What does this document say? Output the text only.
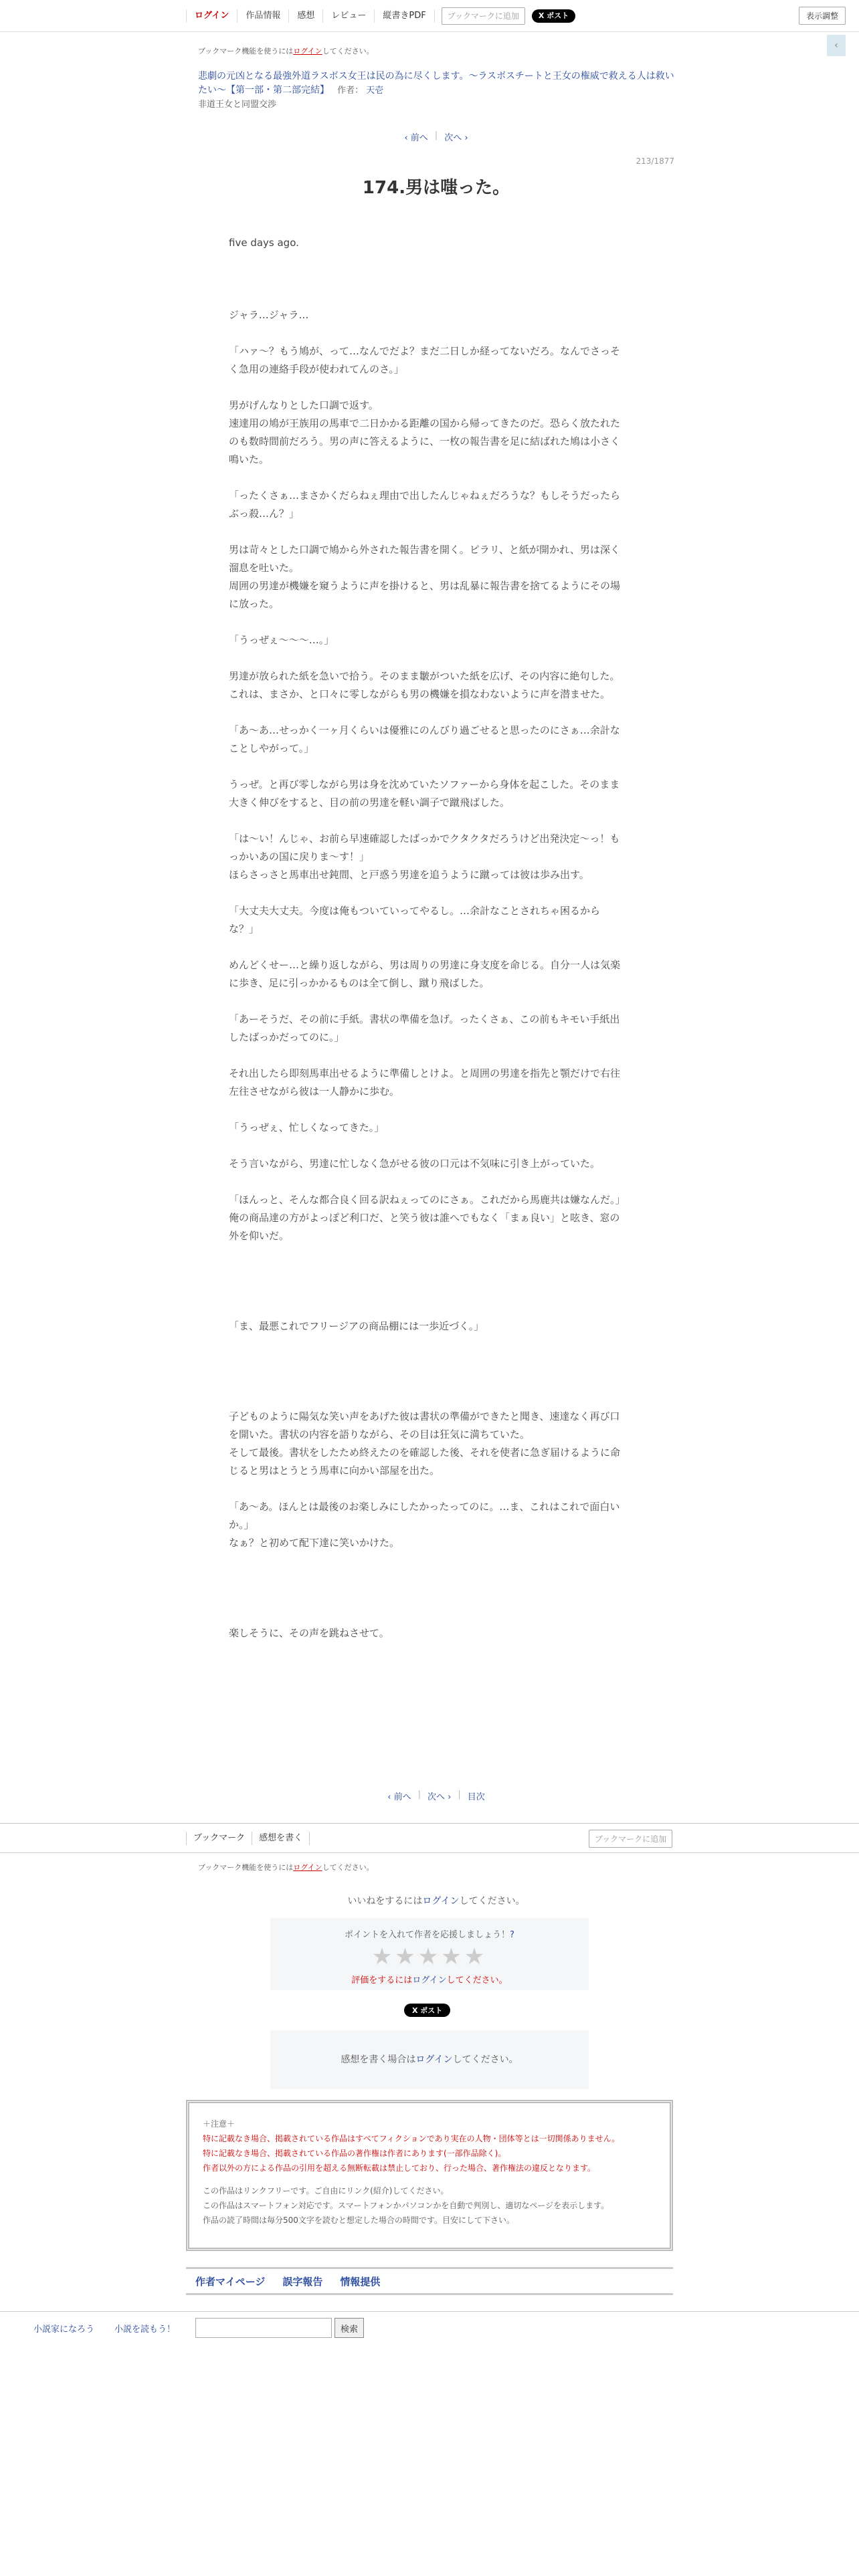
ログイン	作品情報	感想	レビュー	縦書きPDF	ブックマークに追加	X ポスト	表示調整
‹
ブックマーク機能を使うにはログインしてください。
悲劇の元凶となる最強外道ラスボス女王は民の為に尽くします。〜ラスボスチートと王女の権威で救える人は救いたい〜【第一部・第二部完結】 作者： 天壱
非道王女と同盟交渉
‹ 前へ | 次へ ›
213/1877
174.男は嗤った。

five days ago.

ジャラ…ジャラ…

「ハァ〜？もう鳩が、って…なんでだよ？まだ二日しか経ってないだろ。なんでさっそく急用の連絡手段が使われてんのさ。」

男がげんなりとした口調で返す。

速達用の鳩が王族用の馬車で二日かかる距離の国から帰ってきたのだ。恐らく放たれたのも数時間前だろう。男の声に答えるように、一枚の報告書を足に結ばれた鳩は小さく鳴いた。

「ったくさぁ…まさかくだらねぇ理由で出したんじゃねぇだろうな？もしそうだったらぶっ殺…ん？」

男は苛々とした口調で鳩から外された報告書を開く。ピラリ、と紙が開かれ、男は深く溜息を吐いた。

周囲の男達が機嫌を窺うように声を掛けると、男は乱暴に報告書を捨てるようにその場に放った。

「うっぜぇ〜〜〜…。」

男達が放られた紙を急いで拾う。そのまま皺がついた紙を広げ、その内容に絶句した。

これは、まさか、と口々に零しながらも男の機嫌を損なわないように声を潜ませた。

「あ〜あ…せっかく一ヶ月くらいは優雅にのんびり過ごせると思ったのにさぁ…余計なことしやがって。」

うっぜ。と再び零しながら男は身を沈めていたソファーから身体を起こした。そのまま大きく伸びをすると、目の前の男達を軽い調子で蹴飛ばした。

「は〜い！んじゃ、お前ら早速確認したばっかでクタクタだろうけど出発決定〜っ！もっかいあの国に戻りま〜す！」

ほらさっさと馬車出せ鈍間、と戸惑う男達を追うように蹴っては彼は歩み出す。

「大丈夫大丈夫。今度は俺もついていってやるし。…余計なことされちゃ困るからな？」

めんどくせー…と繰り返しながら、男は周りの男達に身支度を命じる。自分一人は気楽に歩き、足に引っかかるものは全て倒し、蹴り飛ばした。

「あーそうだ、その前に手紙。書状の準備を急げ。ったくさぁ、この前もキモい手紙出したばっかだってのに。」

それ出したら即刻馬車出せるように準備しとけよ。と周囲の男達を指先と顎だけで右往左往させながら彼は一人静かに歩む。

「うっぜぇ、忙しくなってきた。」

そう言いながら、男達に忙しなく急がせる彼の口元は不気味に引き上がっていた。

「ほんっと、そんな都合良く回る訳ねぇってのにさぁ。これだから馬鹿共は嫌なんだ。」

俺の商品達の方がよっぽど利口だ、と笑う彼は誰へでもなく「まぁ良い」と呟き、窓の外を仰いだ。

「ま、最悪これでフリージアの商品棚には一歩近づく。」

子どものように陽気な笑い声をあげた彼は書状の準備ができたと聞き、速達なく再び口を開いた。書状の内容を語りながら、その目は狂気に満ちていた。

そして最後。書状をしたため終えたのを確認した後、それを使者に急ぎ届けるように命じると男はとうとう馬車に向かい部屋を出た。

「あ〜あ。ほんとは最後のお楽しみにしたかったってのに。…ま、これはこれで面白いか。」

なぁ？と初めて配下達に笑いかけた。

楽しそうに、その声を跳ねさせて。

‹ 前へ | 次へ › | 目次
ブックマーク	感想を書く	ブックマークに追加
ブックマーク機能を使うにはログインしてください。
いいねをするにはログインしてください。
ポイントを入れて作者を応援しましょう！?
★★★★★
評価をするにはログインしてください。
X ポスト
感想を書く場合はログインしてください。
＋注意＋
特に記載なき場合、掲載されている作品はすべてフィクションであり実在の人物・団体等とは一切関係ありません。
特に記載なき場合、掲載されている作品の著作権は作者にあります(一部作品除く)。
作者以外の方による作品の引用を超える無断転載は禁止しており、行った場合、著作権法の違反となります。
この作品はリンクフリーです。ご自由にリンク(紹介)してください。
この作品はスマートフォン対応です。スマートフォンかパソコンかを自動で判別し、適切なページを表示します。
作品の読了時間は毎分500文字を読むと想定した場合の時間です。目安にして下さい。
作者マイページ 誤字報告 情報提供
小説家になろう 小説を読もう！	検索
